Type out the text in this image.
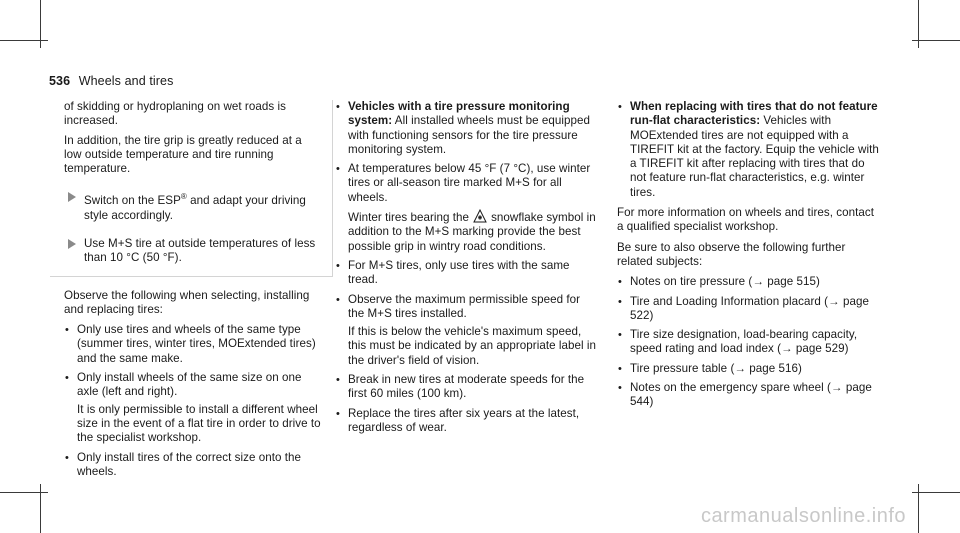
536 Wheels and tires

of skidding or hydroplaning on wet roads is increased.

In addition, the tire grip is greatly reduced at a low outside temperature and tire running temperature.

Switch on the ESP® and adapt your driving style accordingly.
Use M+S tire at outside temperatures of less than 10 °C (50 °F).

Observe the following when selecting, installing and replacing tires:

• Only use tires and wheels of the same type (summer tires, winter tires, MOExtended tires) and the same make.
• Only install wheels of the same size on one axle (left and right).

It is only permissible to install a different wheel size in the event of a flat tire in order to drive to the specialist workshop.
• Only install tires of the correct size onto the wheels.
• Vehicles with a tire pressure monitoring system: All installed wheels must be equipped with functioning sensors for the tire pressure monitoring system.
• At temperatures below 45 °F (7 °C), use winter tires or all-season tire marked M+S for all wheels.
Winter tires bearing the snowflake symbol in addition to the M+S marking provide the best possible grip in wintry road conditions.
• For M+S tires, only use tires with the same tread.
• Observe the maximum permissible speed for the M+S tires installed.
If this is below the vehicle's maximum speed, this must be indicated by an appropriate label in the driver's field of vision.
• Break in new tires at moderate speeds for the first 60 miles (100 km).
• Replace the tires after six years at the latest, regardless of wear.
• When replacing with tires that do not feature run-flat characteristics: Vehicles with MOExtended tires are not equipped with a TIREFIT kit at the factory. Equip the vehicle with a TIREFIT kit after replacing with tires that do not feature run-flat characteristics, e.g. winter tires.

For more information on wheels and tires, contact a qualified specialist workshop.

Be sure to also observe the following further related subjects:

• Notes on tire pressure (→ page 515)
• Tire and Loading Information placard (→ page 522)
• Tire size designation, load-bearing capacity, speed rating and load index (→ page 529)
• Tire pressure table (→ page 516)
• Notes on the emergency spare wheel (→ page 544)
carmanualsonline.info
